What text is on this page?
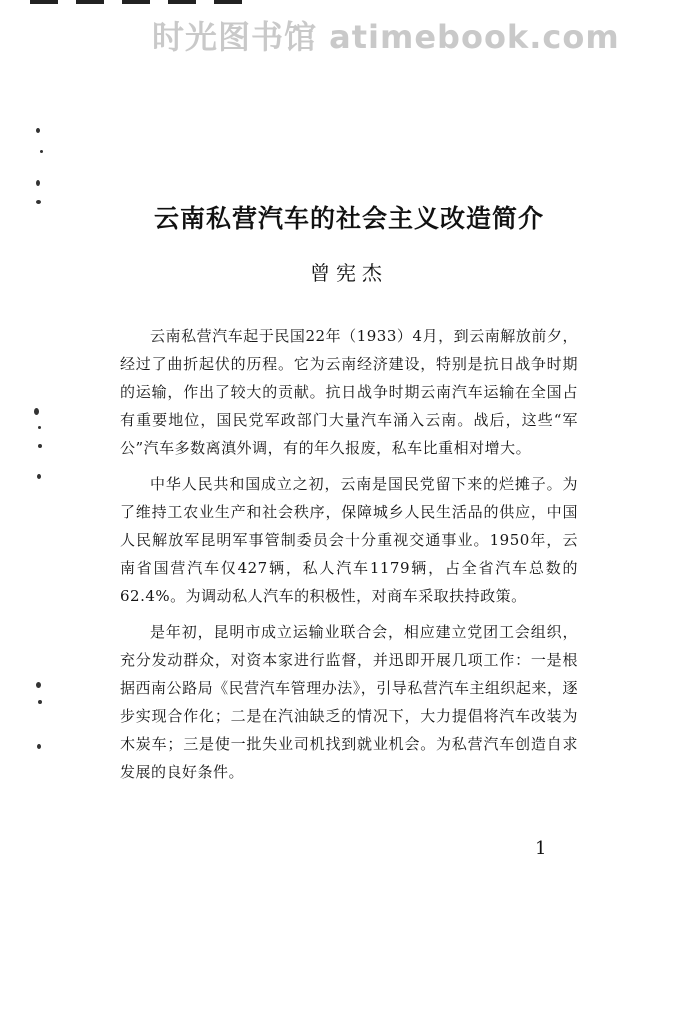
时光图书馆 atimebook.com
云南私营汽车的社会主义改造简介
曾宪杰

云南私营汽车起于民国22年（1933）4月，到云南解放前夕，经过了曲折起伏的历程。它为云南经济建设，特别是抗日战争时期的运输，作出了较大的贡献。抗日战争时期云南汽车运输在全国占有重要地位，国民党军政部门大量汽车涌入云南。战后，这些“军公”汽车多数离滇外调，有的年久报废，私车比重相对增大。

中华人民共和国成立之初，云南是国民党留下来的烂摊子。为了维持工农业生产和社会秩序，保障城乡人民生活品的供应，中国人民解放军昆明军事管制委员会十分重视交通事业。1950年，云南省国营汽车仅427辆，私人汽车1179辆，占全省汽车总数的62.4%。为调动私人汽车的积极性，对商车采取扶持政策。

是年初，昆明市成立运输业联合会，相应建立党团工会组织，充分发动群众，对资本家进行监督，并迅即开展几项工作：一是根据西南公路局《民营汽车管理办法》，引导私营汽车主组织起来，逐步实现合作化；二是在汽油缺乏的情况下，大力提倡将汽车改装为木炭车；三是使一批失业司机找到就业机会。为私营汽车创造自求发展的良好条件。

1
